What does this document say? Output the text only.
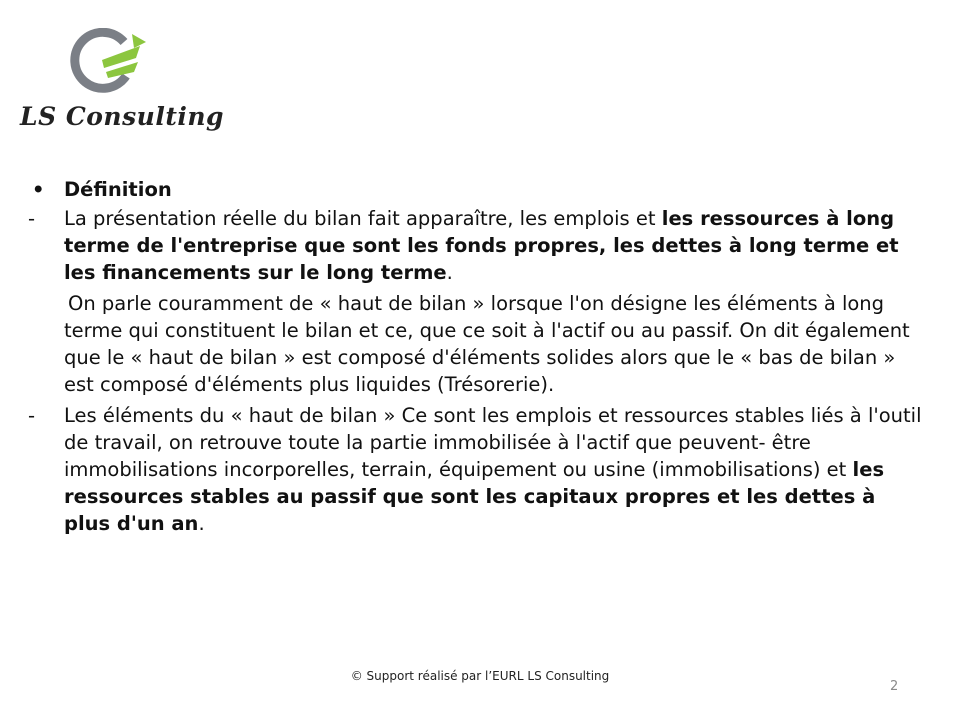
LS Consulting
•	Définition

- La présentation réelle du bilan fait apparaître, les emplois et les ressources à long terme de l'entreprise que sont les fonds propres, les dettes à long terme et les financements sur le long terme.

On parle couramment de « haut de bilan » lorsque l'on désigne les éléments à long terme qui constituent le bilan et ce, que ce soit à l'actif ou au passif. On dit également que le « haut de bilan » est composé d'éléments solides alors que le « bas de bilan » est composé d'éléments plus liquides (Trésorerie).

- Les éléments du « haut de bilan » Ce sont les emplois et ressources stables liés à l'outil de travail, on retrouve toute la partie immobilisée à l'actif que peuvent- être immobilisations incorporelles, terrain, équipement ou usine (immobilisations) et les ressources stables au passif que sont les capitaux propres et les dettes à plus d'un an.

© Support réalisé par l’EURL LS Consulting
2
